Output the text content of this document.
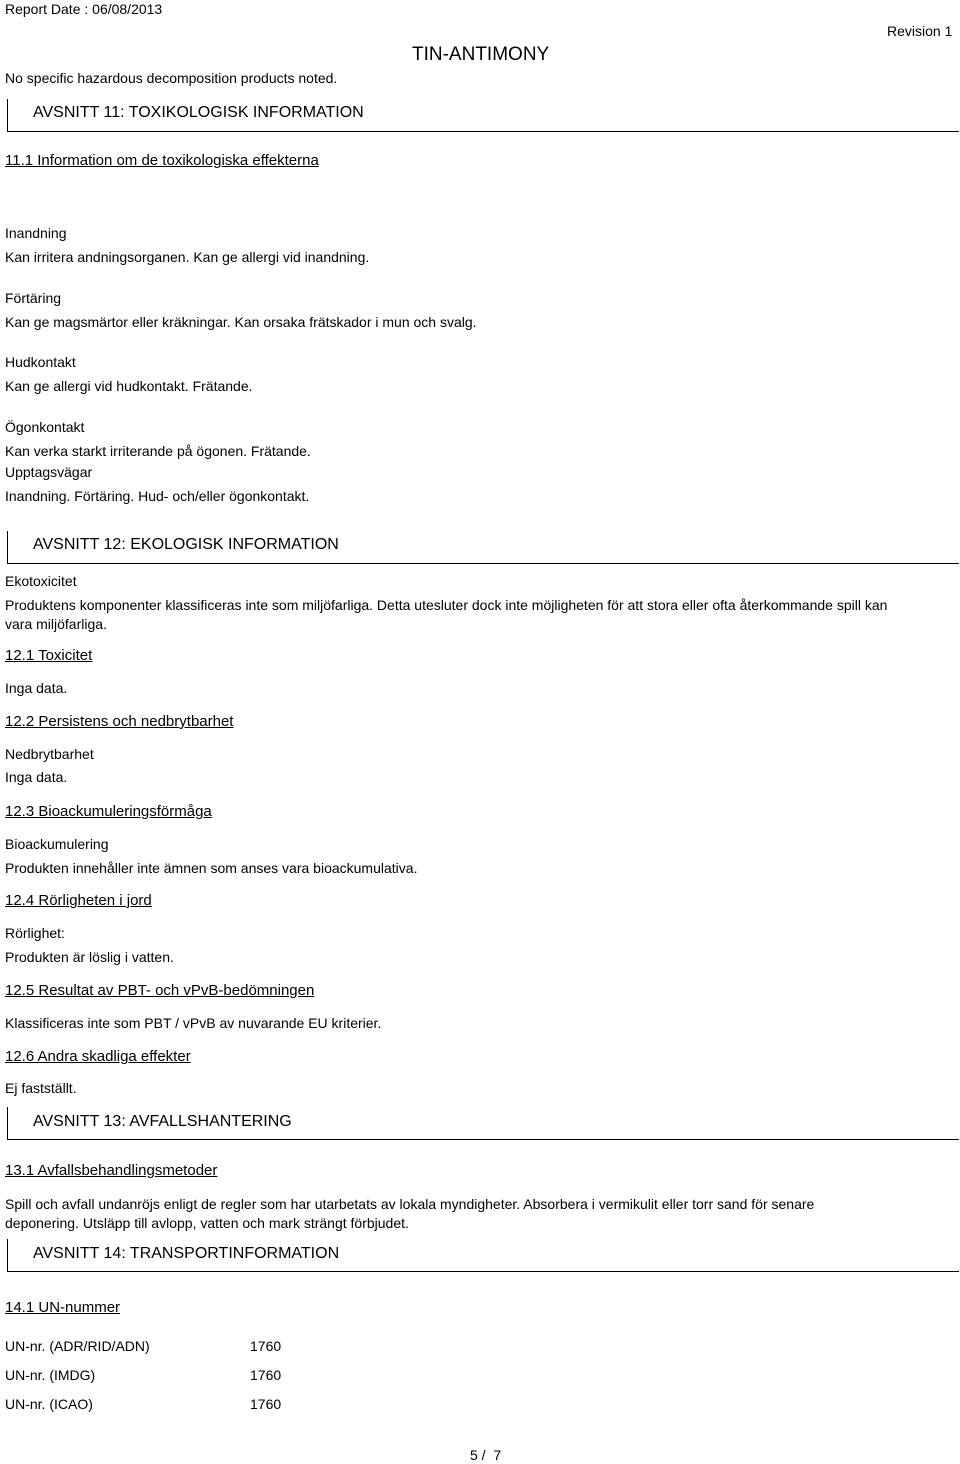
Report Date : 06/08/2013
TIN-ANTIMONY
Revision 1
No specific hazardous decomposition products noted.
AVSNITT 11: TOXIKOLOGISK INFORMATION
11.1 Information om de toxikologiska effekterna
Inandning
Kan irritera andningsorganen. Kan ge allergi vid inandning.
Förtäring
Kan ge magsmärtor eller kräkningar. Kan orsaka frätskador i mun och svalg.
Hudkontakt
Kan ge allergi vid hudkontakt. Frätande.
Ögonkontakt
Kan verka starkt irriterande på ögonen. Frätande.
Upptagsvägar
Inandning. Förtäring. Hud- och/eller ögonkontakt.
AVSNITT 12: EKOLOGISK INFORMATION
Ekotoxicitet
Produktens komponenter klassificeras inte som miljöfarliga. Detta utesluter dock inte möjligheten för att stora eller ofta återkommande spill kan vara miljöfarliga.
12.1 Toxicitet
Inga data.
12.2 Persistens och nedbrytbarhet
Nedbrytbarhet
Inga data.
12.3 Bioackumuleringsförmåga
Bioackumulering
Produkten innehåller inte ämnen som anses vara bioackumulativa.
12.4 Rörligheten i jord
Rörlighet:
Produkten är löslig i vatten.
12.5 Resultat av PBT- och vPvB-bedömningen
Klassificeras inte som PBT / vPvB av nuvarande EU kriterier.
12.6 Andra skadliga effekter
Ej fastställt.
AVSNITT 13: AVFALLSHANTERING
13.1 Avfallsbehandlingsmetoder
Spill och avfall undanröjs enligt de regler som har utarbetats av lokala myndigheter. Absorbera i vermikulit eller torr sand för senare deponering. Utsläpp till avlopp, vatten och mark strängt förbjudet.
AVSNITT 14: TRANSPORTINFORMATION
14.1 UN-nummer
UN-nr. (ADR/RID/ADN)	1760
UN-nr. (IMDG)	1760
UN-nr. (ICAO)	1760
5 /  7
